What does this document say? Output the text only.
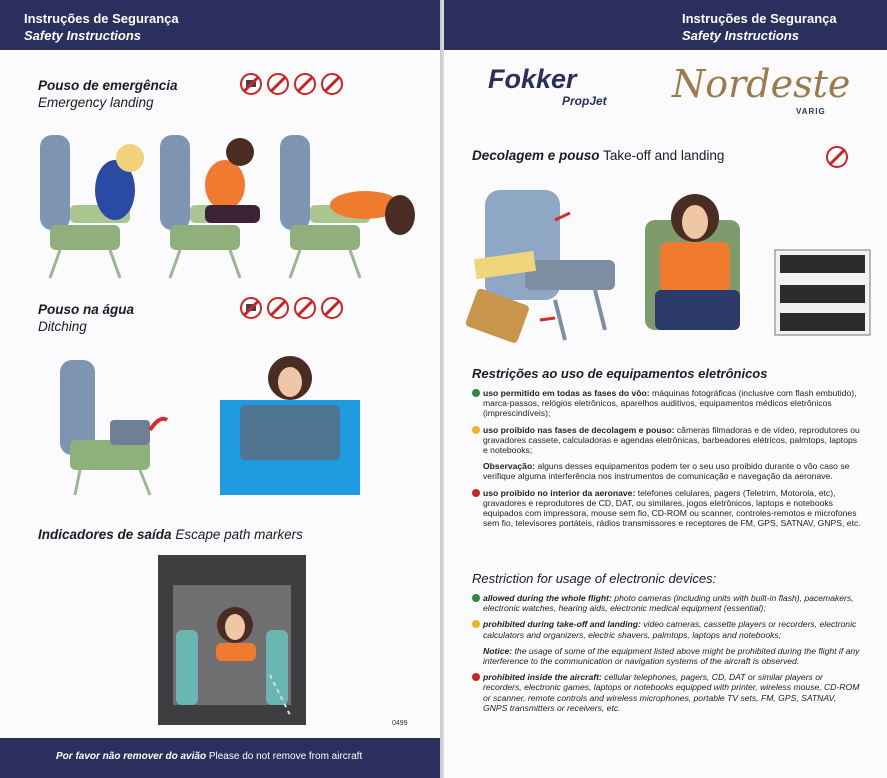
Instruções de Segurança
Safety Instructions
Pouso de emergência
Emergency landing
Pouso na água
Ditching
Indicadores de saída Escape path markers
0499
Por favor não remover do avião Please do not remove from aircraft
Instruções de Segurança
Safety Instructions
Fokker
PropJet Nordeste
VARIG
Decolagem e pouso Take-off and landing
Restrições ao uso de equipamentos eletrônicos
uso permitido em todas as fases do vôo: máquinas fotográficas (inclusive com flash embutido), marca-passos, relógios eletrônicos, aparelhos auditivos, equipamentos médicos eletrônicos (imprescindíveis);
uso proibido nas fases de decolagem e pouso: câmeras filmadoras e de vídeo, reprodutores ou gravadores cassete, calculadoras e agendas eletrônicas, barbeadores elétricos, palmtops, laptops e notebooks;
Observação: alguns desses equipamentos podem ter o seu uso proibido durante o vôo caso se verifique alguma interferência nos instrumentos de comunicação e navegação da aeronave.
uso proibido no interior da aeronave: telefones celulares, pagers (Teletrim, Motorola, etc), gravadores e reprodutores de CD, DAT, ou similares, jogos eletrônicos, laptops e notebooks equipados com impressora, mouse sem fio, CD-ROM ou scanner, controles-remotos e microfones sem fio, televisores portáteis, rádios transmissores e receptores de FM, GPS, SATNAV, GNPS, etc.
Restriction for usage of electronic devices:
allowed during the whole flight: photo cameras (including units with built-in flash), pacemakers, electronic watches, hearing aids, electronic medical equipment (essential);
prohibited during take-off and landing: video cameras, cassette players or recorders, electronic calculators and organizers, electric shavers, palmtops, laptops and notebooks;
Notice: the usage of some of the equipment listed above might be prohibited during the flight if any interference to the communication or navigation systems of the aircraft is observed.
prohibited inside the aircraft: cellular telephones, pagers, CD, DAT or similar players or recorders, electronic games, laptops or notebooks equipped with printer, wireless mouse, CD-ROM or scanner, remote controls and wireless microphones, portable TV sets, FM, GPS, SATNAV, GNPS transmitters or receivers, etc.
